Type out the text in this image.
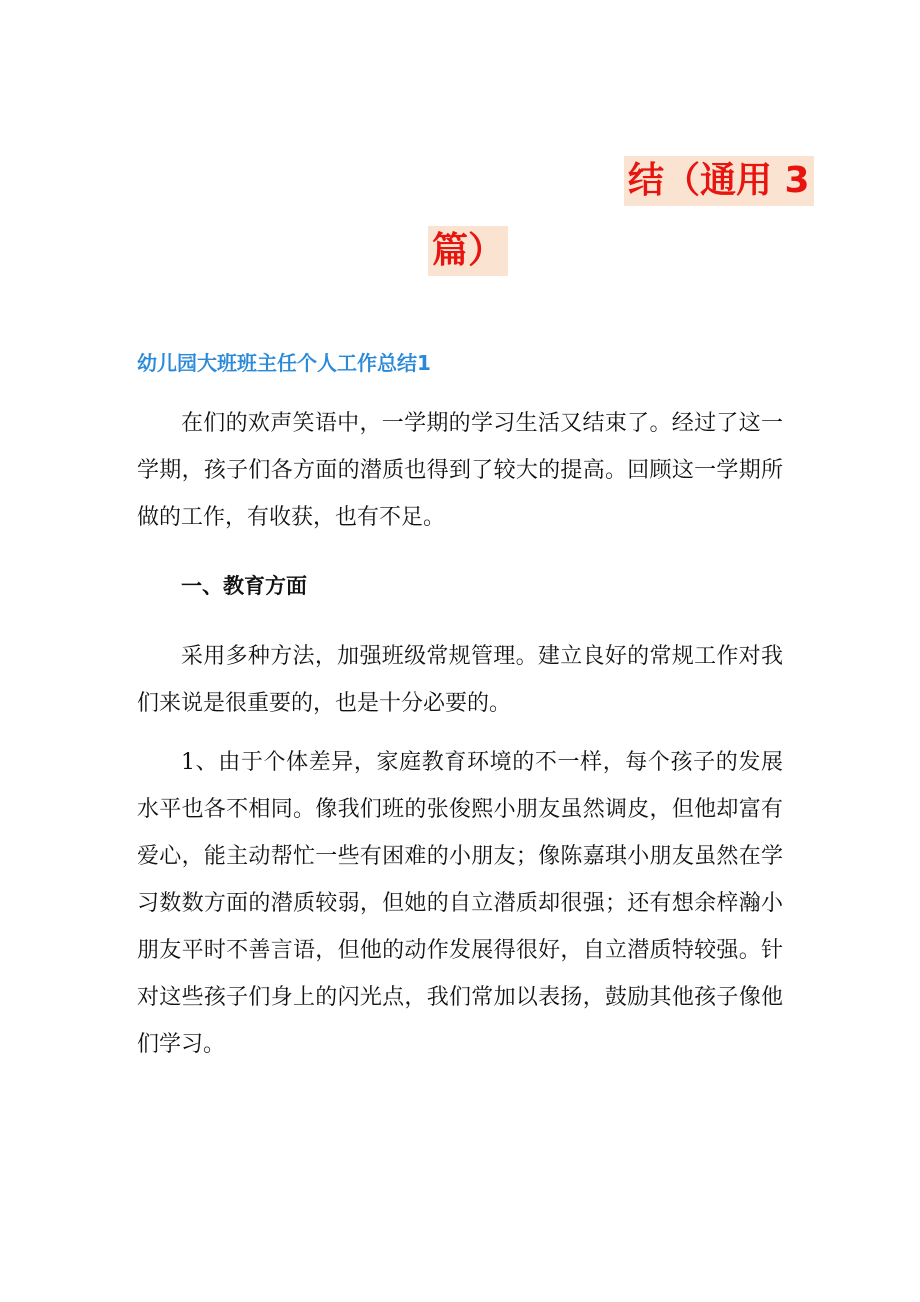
结（通用 3
篇）
幼儿园大班班主任个人工作总结1

在们的欢声笑语中，一学期的学习生活又结束了。经过了这一学期，孩子们各方面的潜质也得到了较大的提高。回顾这一学期所做的工作，有收获，也有不足。

一、教育方面

采用多种方法，加强班级常规管理。建立良好的常规工作对我们来说是很重要的，也是十分必要的。

1、由于个体差异，家庭教育环境的不一样，每个孩子的发展水平也各不相同。像我们班的张俊熙小朋友虽然调皮，但他却富有爱心，能主动帮忙一些有困难的小朋友；像陈嘉琪小朋友虽然在学习数数方面的潜质较弱，但她的自立潜质却很强；还有想余梓瀚小朋友平时不善言语，但他的动作发展得很好，自立潜质特较强。针对这些孩子们身上的闪光点，我们常加以表扬，鼓励其他孩子像他们学习。
